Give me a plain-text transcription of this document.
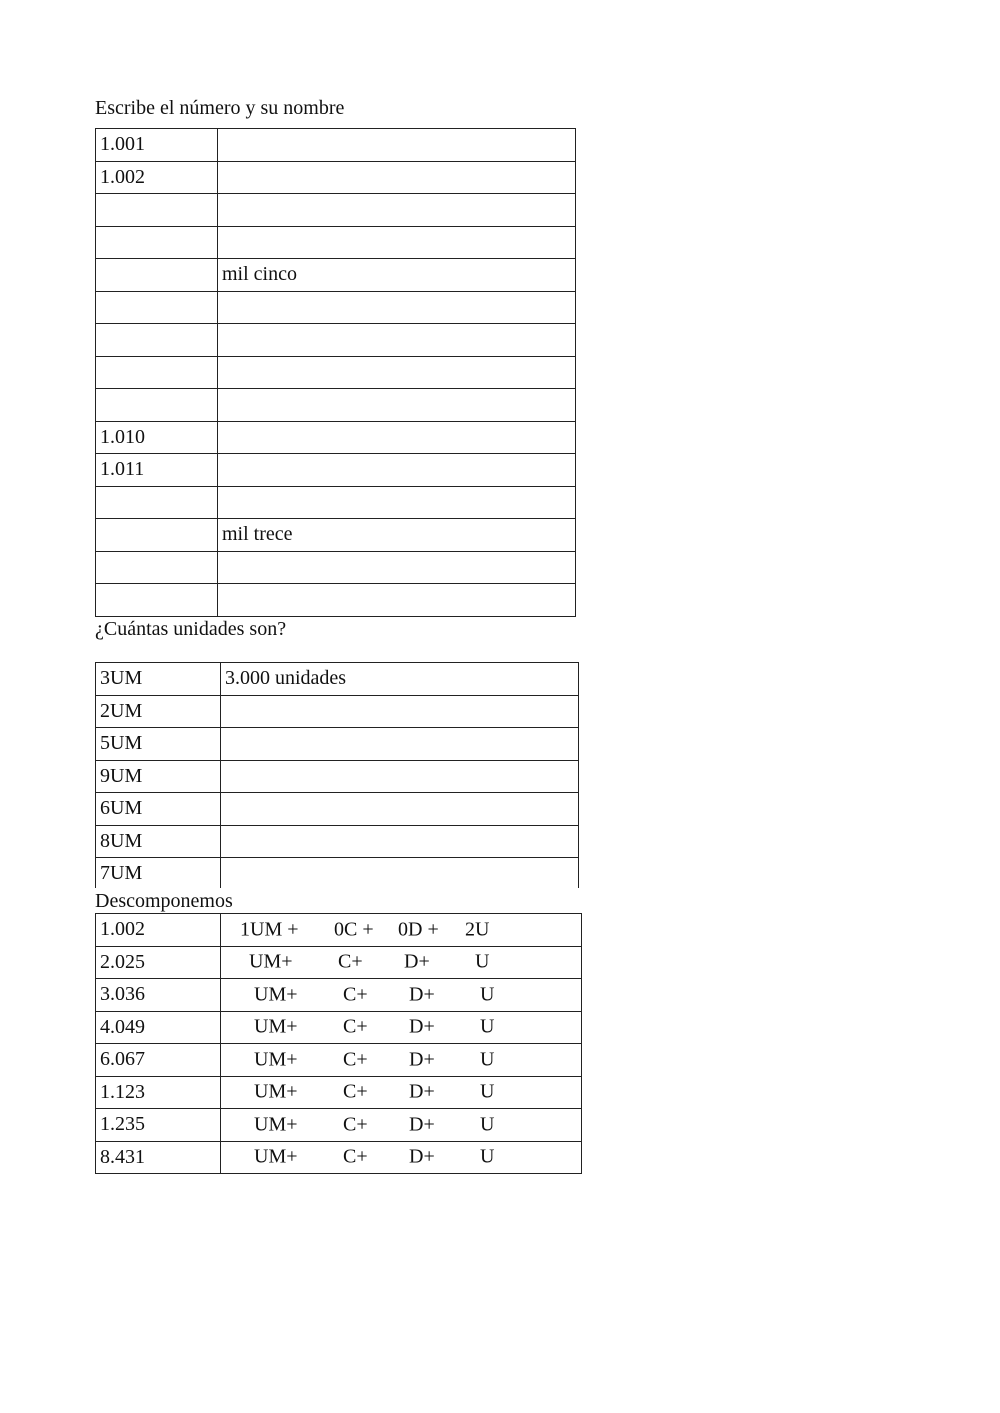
Escribe el número y su nombre
1.001	
1.002	

	mil cinco

1.010	
1.011	

	mil trece

¿Cuántas unidades son?
3UM	3.000 unidades
2UM	
5UM	
9UM	
6UM	
8UM	
7UM	
Descomponemos
1.002	1UM + 0C + 0D + 2U

2.025	UM+ C+ D+ U

3.036	UM+ C+ D+ U

4.049	UM+ C+ D+ U

6.067	UM+ C+ D+ U

1.123	UM+ C+ D+ U

1.235	UM+ C+ D+ U

8.431	UM+ C+ D+ U
